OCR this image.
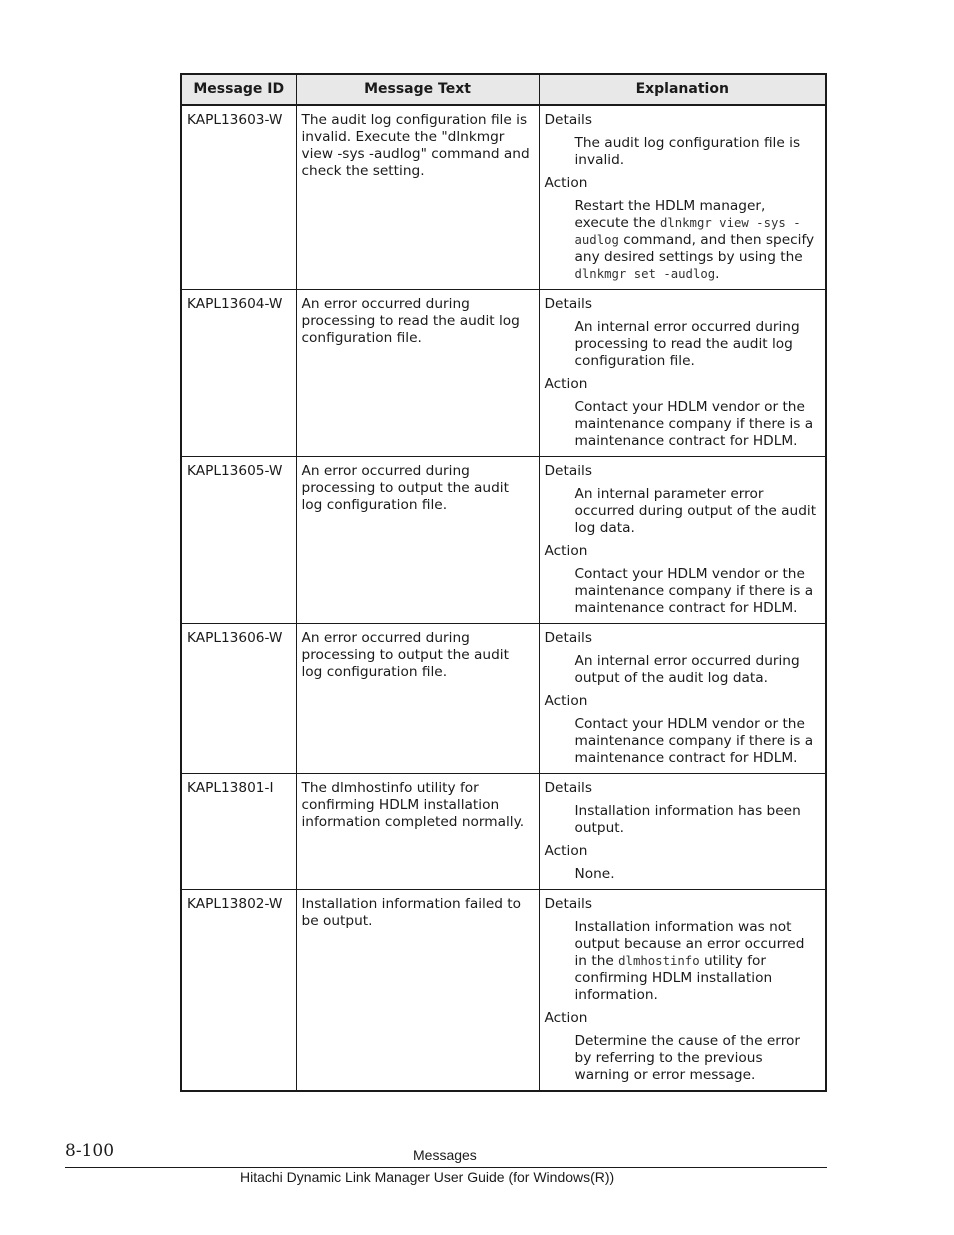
Message ID	Message Text	Explanation
KAPL13603-W	The audit log configuration file is invalid. Execute the "dlnkmgr view -sys -audlog" command and check the setting.	Details
The audit log configuration file is invalid.
Action
Restart the HDLM manager, execute the dlnkmgr view -sys -audlog command, and then specify any desired settings by using the dlnkmgr set -audlog.

KAPL13604-W	An error occurred during processing to read the audit log configuration file.	Details
An internal error occurred during processing to read the audit log configuration file.
Action
Contact your HDLM vendor or the maintenance company if there is a maintenance contract for HDLM.

KAPL13605-W	An error occurred during processing to output the audit log configuration file.	Details
An internal parameter error occurred during output of the audit log data.
Action
Contact your HDLM vendor or the maintenance company if there is a maintenance contract for HDLM.

KAPL13606-W	An error occurred during processing to output the audit log configuration file.	Details
An internal error occurred during output of the audit log data.
Action
Contact your HDLM vendor or the maintenance company if there is a maintenance contract for HDLM.

KAPL13801-I	The dlmhostinfo utility for confirming HDLM installation information completed normally.	Details
Installation information has been output.
Action
None.

KAPL13802-W	Installation information failed to be output.	Details
Installation information was not output because an error occurred in the dlmhostinfo utility for confirming HDLM installation information.
Action
Determine the cause of the error by referring to the previous warning or error message.
8-100	Messages
Hitachi Dynamic Link Manager User Guide (for Windows(R))
